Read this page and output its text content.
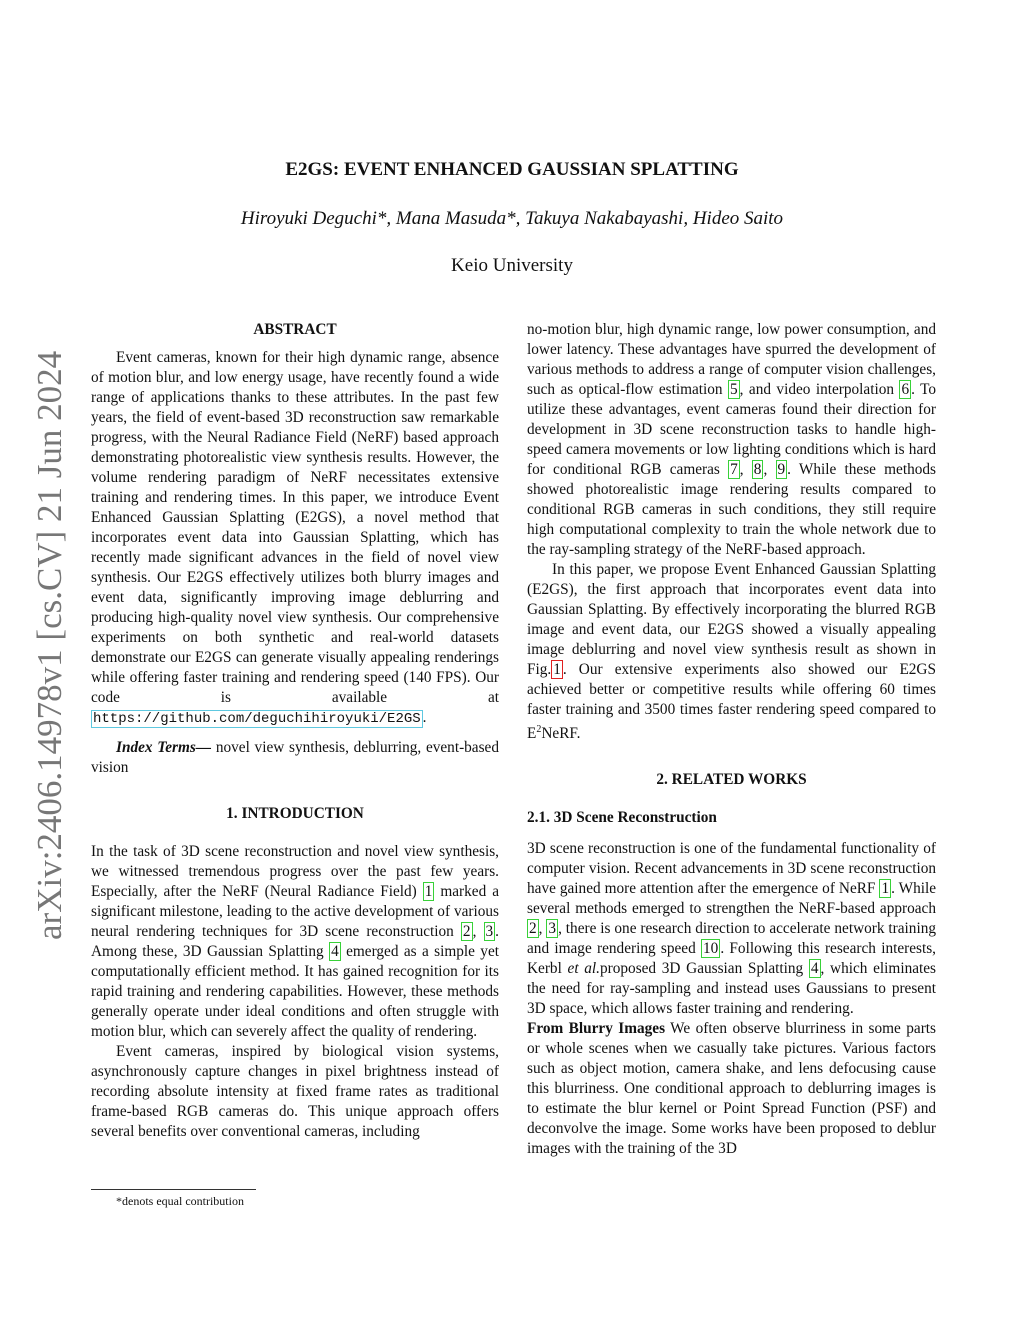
arXiv:2406.14978v1 [cs.CV] 21 Jun 2024
E2GS: EVENT ENHANCED GAUSSIAN SPLATTING
Hiroyuki Deguchi*, Mana Masuda*, Takuya Nakabayashi, Hideo Saito
Keio University
ABSTRACT

Event cameras, known for their high dynamic range, absence of motion blur, and low energy usage, have recently found a wide range of applications thanks to these attributes. In the past few years, the field of event-based 3D reconstruction saw remarkable progress, with the Neural Radiance Field (NeRF) based approach demonstrating photorealistic view synthesis results. However, the volume rendering paradigm of NeRF necessitates extensive training and rendering times. In this paper, we introduce Event Enhanced Gaussian Splatting (E2GS), a novel method that incorporates event data into Gaussian Splatting, which has recently made significant advances in the field of novel view synthesis. Our E2GS effectively utilizes both blurry images and event data, significantly improving image deblurring and producing high-quality novel view synthesis. Our comprehensive experiments on both synthetic and real-world datasets demonstrate our E2GS can generate visually appealing renderings while offering faster training and rendering speed (140 FPS). Our code is available at https://github.com/deguchihiroyuki/E2GS .

Index Terms— novel view synthesis, deblurring, event-based vision

1. INTRODUCTION

In the task of 3D scene reconstruction and novel view synthesis, we witnessed tremendous progress over the past few years. Especially, after the NeRF (Neural Radiance Field) 1 marked a significant milestone, leading to the active development of various neural rendering techniques for 3D scene reconstruction 2 , 3 . Among these, 3D Gaussian Splatting 4 emerged as a simple yet computationally efficient method. It has gained recognition for its rapid training and rendering capabilities. However, these methods generally operate under ideal conditions and often struggle with motion blur, which can severely affect the quality of rendering.

Event cameras, inspired by biological vision systems, asynchronously capture changes in pixel brightness instead of recording absolute intensity at fixed frame rates as traditional frame-based RGB cameras do. This unique approach offers several benefits over conventional cameras, including

*denots equal contribution

no-motion blur, high dynamic range, low power consumption, and lower latency. These advantages have spurred the development of various methods to address a range of computer vision challenges, such as optical-flow estimation 5 , and video interpolation 6 . To utilize these advantages, event cameras found their direction for development in 3D scene reconstruction tasks to handle high-speed camera movements or low lighting conditions which is hard for conditional RGB cameras 7 , 8 , 9 . While these methods showed photorealistic image rendering results compared to conditional RGB cameras in such conditions, they still require high computational complexity to train the whole network due to the ray-sampling strategy of the NeRF-based approach.

In this paper, we propose Event Enhanced Gaussian Splatting (E2GS), the first approach that incorporates event data into Gaussian Splatting. By effectively incorporating the blurred RGB image and event data, our E2GS showed a visually appealing image deblurring and novel view synthesis result as shown in Fig. 1 . Our extensive experiments also showed our E2GS achieved better or competitive results while offering 60 times faster training and 3500 times faster rendering speed compared to $E^2NeRF$.

2. RELATED WORKS
2.1. 3D Scene Reconstruction

3D scene reconstruction is one of the fundamental functionality of computer vision. Recent advancements in 3D scene reconstruction have gained more attention after the emergence of NeRF 1 . While several methods emerged to strengthen the NeRF-based approach 2 , 3 , there is one research direction to accelerate network training and image rendering speed 10 . Following this research interests, Kerbl et al.proposed 3D Gaussian Splatting 4 , which eliminates the need for ray-sampling and instead uses Gaussians to present 3D space, which allows faster training and rendering.

From Blurry Images We often observe blurriness in some parts or whole scenes when we casually take pictures. Various factors such as object motion, camera shake, and lens defocusing cause this blurriness. One conditional approach to deblurring images is to estimate the blur kernel or Point Spread Function (PSF) and deconvolve the image. Some works have been proposed to deblur images with the training of the 3D
